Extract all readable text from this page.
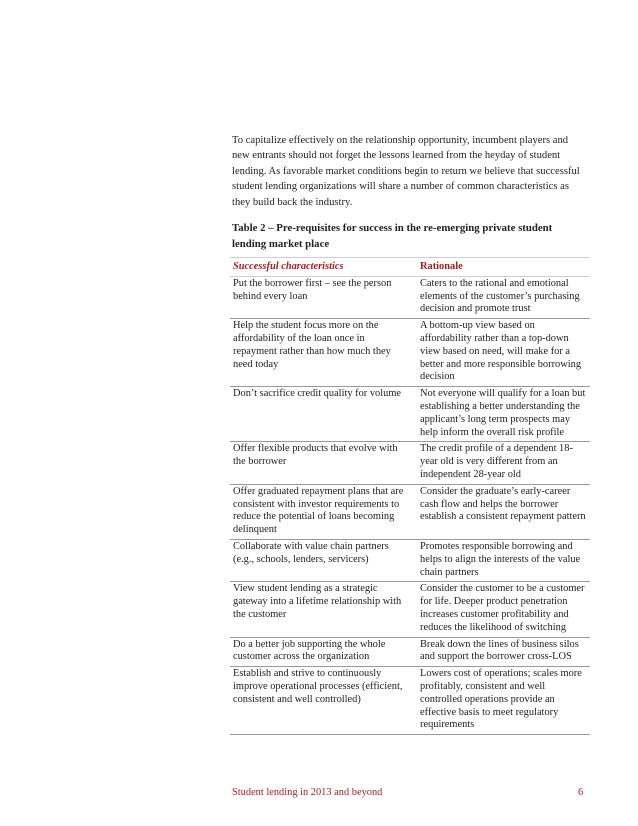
To capitalize effectively on the relationship opportunity, incumbent players and new entrants should not forget the lessons learned from the heyday of student lending. As favorable market conditions begin to return we believe that successful student lending organizations will share a number of common characteristics as they build back the industry.

Table 2 – Pre-requisites for success in the re-emerging private student lending market place

Successful characteristics	Rationale
Put the borrower first – see the person behind every loan	Caters to the rational and emotional elements of the customer’s purchasing decision and promote trust
Help the student focus more on the affordability of the loan once in repayment rather than how much they need today	A bottom-up view based on affordability rather than a top-down view based on need, will make for a better and more responsible borrowing decision
Don’t sacrifice credit quality for volume	Not everyone will qualify for a loan but establishing a better understanding the applicant’s long term prospects may help inform the overall risk profile
Offer flexible products that evolve with the borrower	The credit profile of a dependent 18-year old is very different from an independent 28-year old
Offer graduated repayment plans that are consistent with investor requirements to reduce the potential of loans becoming delinquent	Consider the graduate’s early-career cash flow and helps the borrower establish a consistent repayment pattern
Collaborate with value chain partners (e.g., schools, lenders, servicers)	Promotes responsible borrowing and helps to align the interests of the value chain partners
View student lending as a strategic gateway into a lifetime relationship with the customer	Consider the customer to be a customer for life. Deeper product penetration increases customer profitability and reduces the likelihood of switching
Do a better job supporting the whole customer across the organization	Break down the lines of business silos and support the borrower cross-LOS
Establish and strive to continuously improve operational processes (efficient, consistent and well controlled)	Lowers cost of operations; scales more profitably, consistent and well controlled operations provide an effective basis to meet regulatory requirements
Student lending in 2013 and beyond	6
